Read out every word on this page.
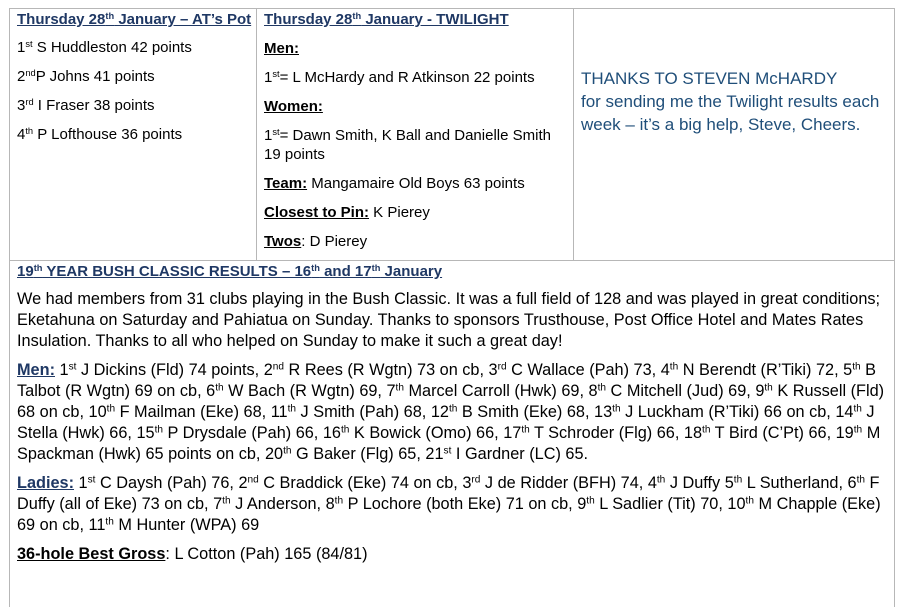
Thursday 28th January – AT’s Pot

1st S Huddleston 42 points

2ndP Johns 41 points

3rd I Fraser 38 points

4th P Lofthouse 36 points

Thursday 28th January - TWILIGHT

Men:

1st= L McHardy and R Atkinson 22 points

Women:

1st= Dawn Smith, K Ball and Danielle Smith 19 points

Team: Mangamaire Old Boys 63 points

Closest to Pin: K Pierey

Twos: D Pierey

THANKS TO STEVEN McHARDY

for sending me the Twilight results each week – it’s a big help, Steve, Cheers.

19th YEAR BUSH CLASSIC RESULTS – 16th and 17th January

We had members from 31 clubs playing in the Bush Classic. It was a full field of 128 and was played in great conditions; Eketahuna on Saturday and Pahiatua on Sunday. Thanks to sponsors Trusthouse, Post Office Hotel and Mates Rates Insulation. Thanks to all who helped on Sunday to make it such a great day!

Men: 1st J Dickins (Fld) 74 points, 2nd R Rees (R Wgtn) 73 on cb, 3rd C Wallace (Pah) 73, 4th N Berendt (R’Tiki) 72, 5th B Talbot (R Wgtn) 69 on cb, 6th W Bach (R Wgtn) 69, 7th Marcel Carroll (Hwk) 69, 8th C Mitchell (Jud) 69, 9th K Russell (Fld) 68 on cb, 10th F Mailman (Eke) 68, 11th J Smith (Pah) 68, 12th B Smith (Eke) 68, 13th J Luckham (R’Tiki) 66 on cb, 14th J Stella (Hwk) 66, 15th P Drysdale (Pah) 66, 16th K Bowick (Omo) 66, 17th T Schroder (Flg) 66, 18th T Bird (C’Pt) 66, 19th M Spackman (Hwk) 65 points on cb, 20th G Baker (Flg) 65, 21st I Gardner (LC) 65.

Ladies: 1st C Daysh (Pah) 76, 2nd C Braddick (Eke) 74 on cb, 3rd J de Ridder (BFH) 74, 4th J Duffy 5th L Sutherland, 6th F Duffy (all of Eke) 73 on cb, 7th J Anderson, 8th P Lochore (both Eke) 71 on cb, 9th L Sadlier (Tit) 70, 10th M Chapple (Eke) 69 on cb, 11th M Hunter (WPA) 69

36-hole Best Gross: L Cotton (Pah) 165 (84/81)
